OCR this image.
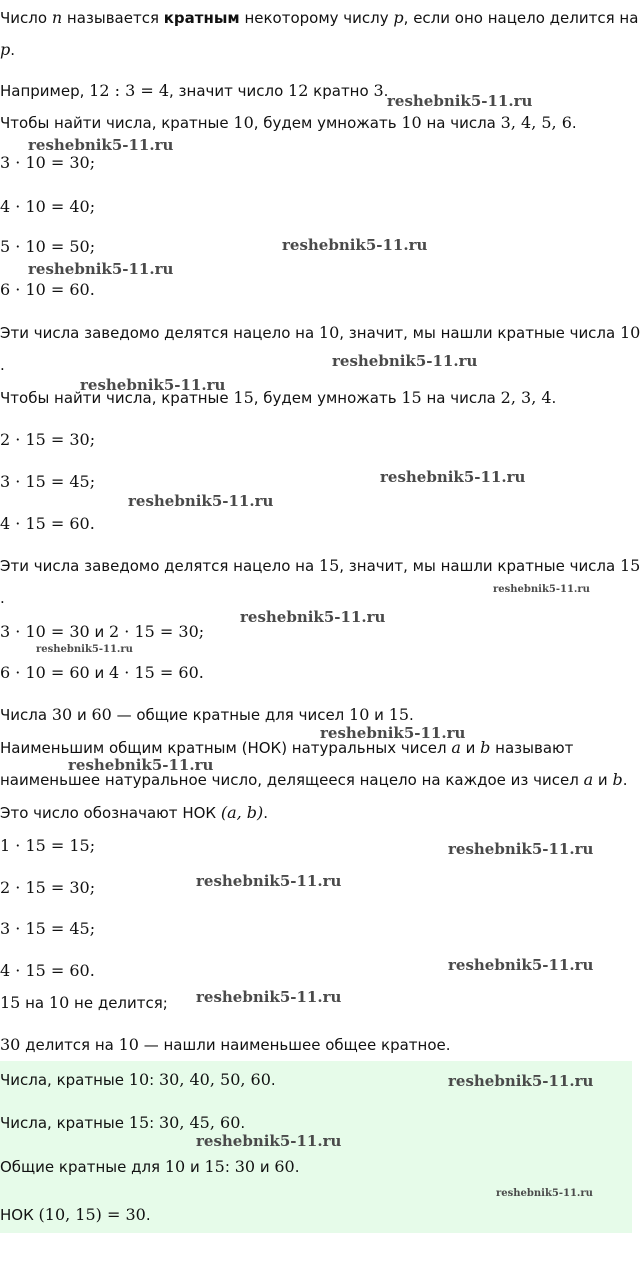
Число n называется кратным некоторому числу p, если оно нацело делится на
p.
Например, 12 : 3 = 4, значит число 12 кратно 3.
Чтобы найти числа, кратные 10, будем умножать 10 на числа 3, 4, 5, 6.
3 · 10 = 30;
4 · 10 = 40;
5 · 10 = 50;
6 · 10 = 60.
Эти числа заведомо делятся нацело на 10, значит, мы нашли кратные числа 10
.
Чтобы найти числа, кратные 15, будем умножать 15 на числа 2, 3, 4.
2 · 15 = 30;
3 · 15 = 45;
4 · 15 = 60.
Эти числа заведомо делятся нацело на 15, значит, мы нашли кратные числа 15
.
3 · 10 = 30 и 2 · 15 = 30;
6 · 10 = 60 и 4 · 15 = 60.
Числа 30 и 60 — общие кратные для чисел 10 и 15.
Наименьшим общим кратным (НОК) натуральных чисел a и b называют
наименьшее натуральное число, делящееся нацело на каждое из чисел a и b.
Это число обозначают НОК (a, b).
1 · 15 = 15;
2 · 15 = 30;
3 · 15 = 45;
4 · 15 = 60.
15 на 10 не делится;
30 делится на 10 — нашли наименьшее общее кратное.
Числа, кратные 10: 30, 40, 50, 60.
Числа, кратные 15: 30, 45, 60.
Общие кратные для 10 и 15: 30 и 60.
НОК (10, 15) = 30.
reshebnik5-11.ru
reshebnik5-11.ru
reshebnik5-11.ru
reshebnik5-11.ru
reshebnik5-11.ru
reshebnik5-11.ru
reshebnik5-11.ru
reshebnik5-11.ru
reshebnik5-11.ru
reshebnik5-11.ru
reshebnik5-11.ru
reshebnik5-11.ru
reshebnik5-11.ru
reshebnik5-11.ru
reshebnik5-11.ru
reshebnik5-11.ru
reshebnik5-11.ru
reshebnik5-11.ru
reshebnik5-11.ru
reshebnik5-11.ru
